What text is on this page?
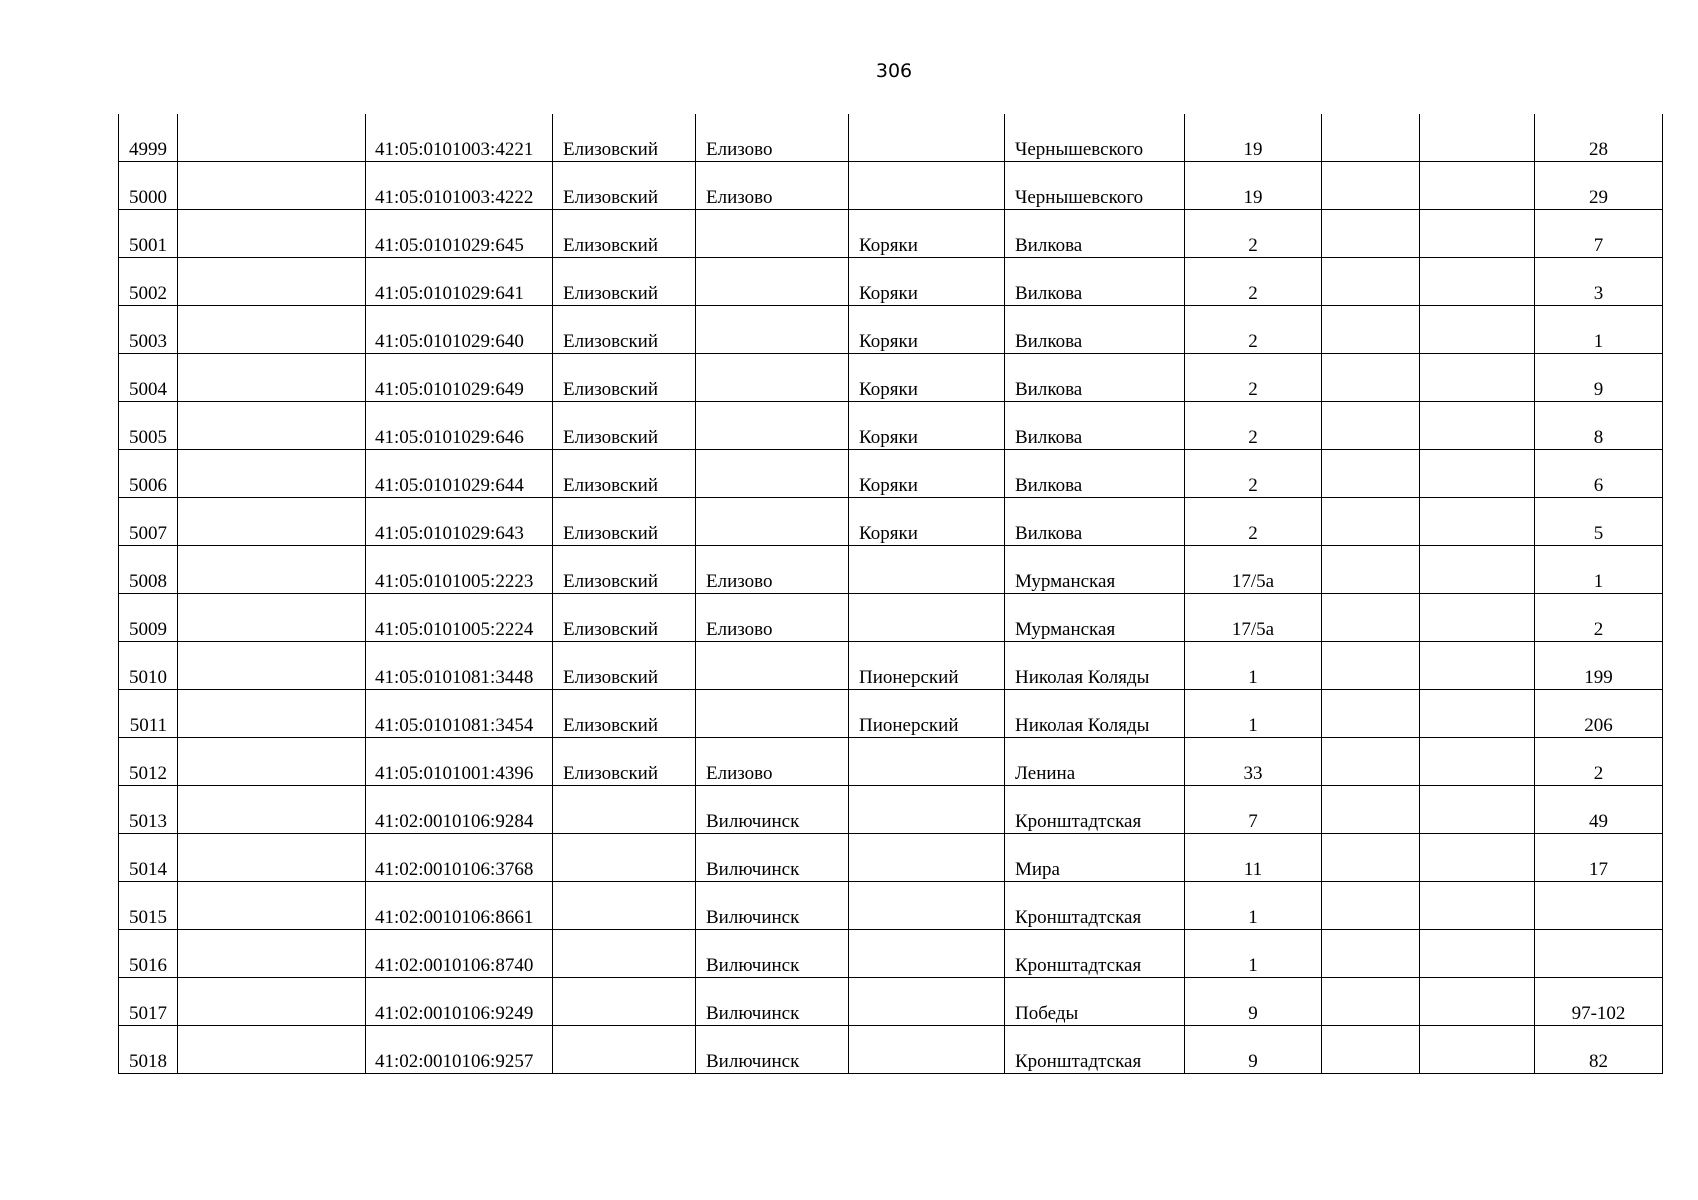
306
4999		41:05:0101003:4221	Елизовский	Елизово		Чернышевского	19			28
5000		41:05:0101003:4222	Елизовский	Елизово		Чернышевского	19			29
5001		41:05:0101029:645	Елизовский		Коряки	Вилкова	2			7
5002		41:05:0101029:641	Елизовский		Коряки	Вилкова	2			3
5003		41:05:0101029:640	Елизовский		Коряки	Вилкова	2			1
5004		41:05:0101029:649	Елизовский		Коряки	Вилкова	2			9
5005		41:05:0101029:646	Елизовский		Коряки	Вилкова	2			8
5006		41:05:0101029:644	Елизовский		Коряки	Вилкова	2			6
5007		41:05:0101029:643	Елизовский		Коряки	Вилкова	2			5
5008		41:05:0101005:2223	Елизовский	Елизово		Мурманская	17/5а			1
5009		41:05:0101005:2224	Елизовский	Елизово		Мурманская	17/5а			2
5010		41:05:0101081:3448	Елизовский		Пионерский	Николая Коляды	1			199
5011		41:05:0101081:3454	Елизовский		Пионерский	Николая Коляды	1			206
5012		41:05:0101001:4396	Елизовский	Елизово		Ленина	33			2
5013		41:02:0010106:9284		Вилючинск		Кронштадтская	7			49
5014		41:02:0010106:3768		Вилючинск		Мира	11			17
5015		41:02:0010106:8661		Вилючинск		Кронштадтская	1			
5016		41:02:0010106:8740		Вилючинск		Кронштадтская	1			
5017		41:02:0010106:9249		Вилючинск		Победы	9			97-102
5018		41:02:0010106:9257		Вилючинск		Кронштадтская	9			82
